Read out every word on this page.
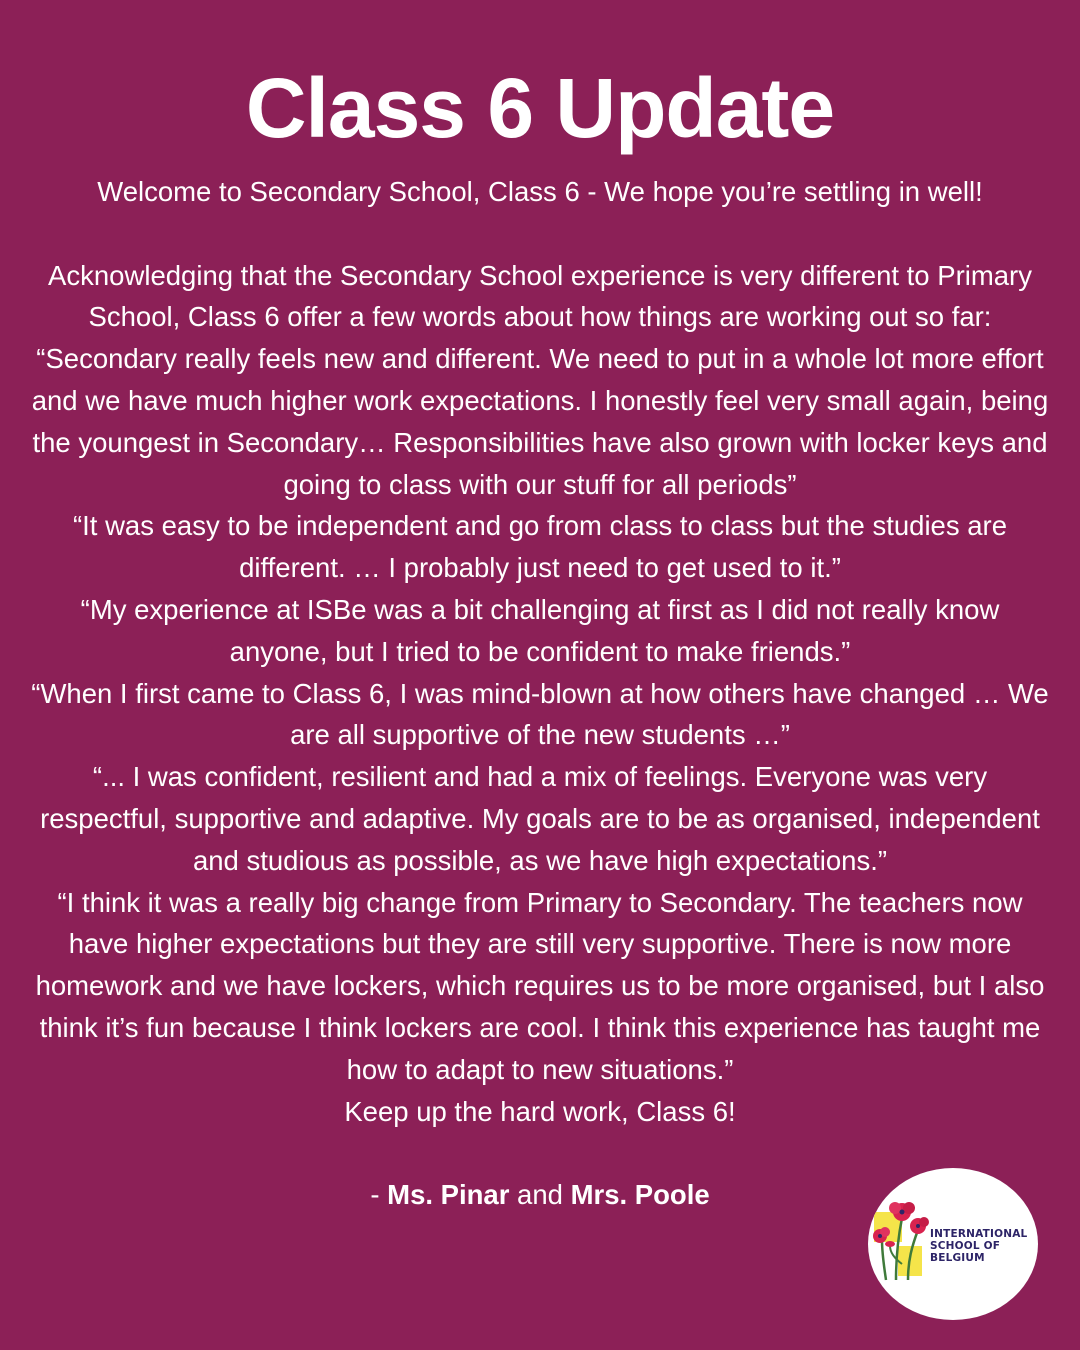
Class 6 Update

Welcome to Secondary School, Class 6 - We hope you’re settling in well!

Acknowledging that the Secondary School experience is very different to Primary School, Class 6 offer a few words about how things are working out so far:

“Secondary really feels new and different. We need to put in a whole lot more effort and we have much higher work expectations. I honestly feel very small again, being the youngest in Secondary… Responsibilities have also grown with locker keys and going to class with our stuff for all periods”

“It was easy to be independent and go from class to class but the studies are different. … I probably just need to get used to it.”

“My experience at ISBe was a bit challenging at first as I did not really know anyone, but I tried to be confident to make friends.”

“When I first came to Class 6, I was mind-blown at how others have changed … We are all supportive of the new students …”

“... I was confident, resilient and had a mix of feelings. Everyone was very respectful, supportive and adaptive. My goals are to be as organised, independent and studious as possible, as we have high expectations.”

“I think it was a really big change from Primary to Secondary. The teachers now have higher expectations but they are still very supportive. There is now more homework and we have lockers, which requires us to be more organised, but I also think it’s fun because I think lockers are cool. I think this experience has taught me how to adapt to new situations.”

Keep up the hard work, Class 6!

- Ms. Pinar and Mrs. Poole

INTERNATIONAL
SCHOOL OF
BELGIUM
